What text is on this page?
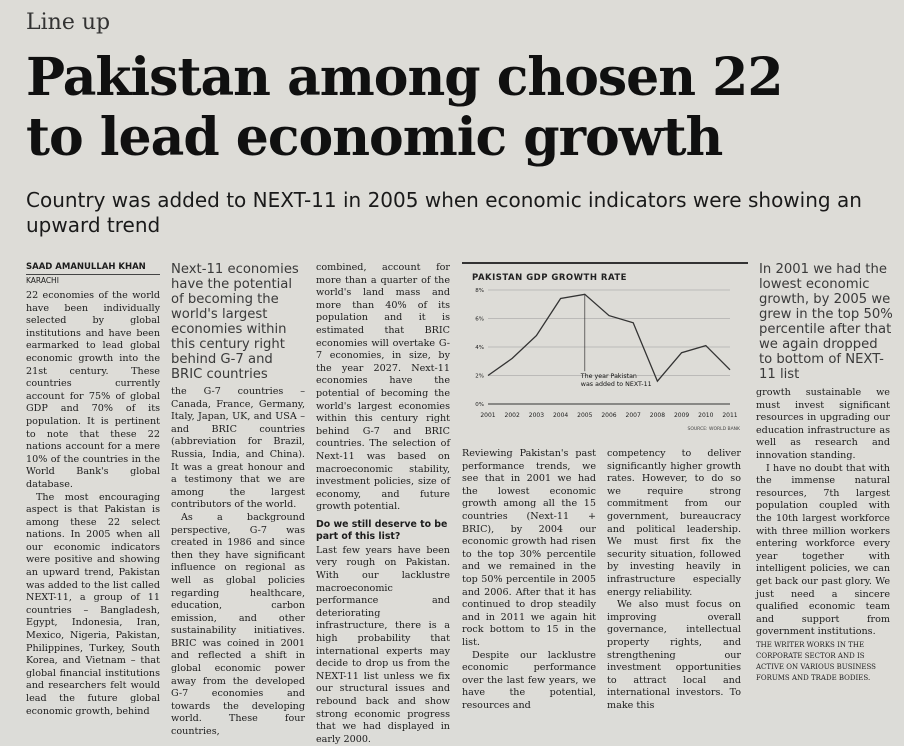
Line up
Pakistan among chosen 22
to lead economic growth
Country was added to NEXT-11 in 2005 when economic indicators were showing an upward trend
SAAD AMANULLAH KHAN
KARACHI

22 economies of the world have been individually selected by global institutions and have been earmarked to lead global economic growth into the 21st century. These countries currently account for 75% of global GDP and 70% of its population. It is pertinent to note that these 22 nations account for a mere 10% of the countries in the World Bank's global database.

The most encouraging aspect is that Pakistan is among these 22 select nations. In 2005 when all our economic indicators were positive and showing an upward trend, Pakistan was added to the list called NEXT-11, a group of 11 countries – Bangladesh, Egypt, Indonesia, Iran, Mexico, Nigeria, Pakistan, Philippines, Turkey, South Korea, and Vietnam – that global financial institutions and researchers felt would lead the future global economic growth, behind

Next-11 economies have the potential of becoming the world's largest economies within this century right behind G-7 and BRIC countries

the G-7 countries – Canada, France, Germany, Italy, Japan, UK, and USA – and BRIC countries (abbreviation for Brazil, Russia, India, and China). It was a great honour and a testimony that we are among the largest contributors of the world.

As a background perspective, G-7 was created in 1986 and since then they have significant influence on regional as well as global policies regarding healthcare, education, carbon emission, and other sustainability initiatives. BRIC was coined in 2001 and reflected a shift in global economic power away from the developed G-7 economies and towards the developing world. These four countries,

combined, account for more than a quarter of the world's land mass and more than 40% of its population and it is estimated that BRIC economies will overtake G-7 economies, in size, by the year 2027. Next-11 economies have the potential of becoming the world's largest economies within this century right behind G-7 and BRIC countries. The selection of Next-11 was based on macroeconomic stability, investment policies, size of economy, and future growth potential.

Do we still deserve to be part of this list?

Last few years have been very rough on Pakistan. With our lacklustre macroeconomic performance and deteriorating infrastructure, there is a high probability that international experts may decide to drop us from the NEXT-11 list unless we fix our structural issues and rebound back and show strong economic progress that we had displayed in early 2000.

PAKISTAN GDP GROWTH RATE
0%
2%
4%
6%
8%
2001 2002 2003 2004 2005 2006 2007 2008 2009 2010 2011
The year Pakistan was added to NEXT-11
SOURCE: WORLD BANK

Reviewing Pakistan's past performance trends, we see that in 2001 we had the lowest economic growth among all the 15 countries (Next-11 + BRIC), by 2004 our economic growth had risen to the top 30% percentile and we remained in the top 50% percentile in 2005 and 2006. After that it has continued to drop steadily and in 2011 we again hit rock bottom to 15 in the list.

Despite our lacklustre economic performance over the last few years, we have the potential, resources and

competency to deliver significantly higher growth rates. However, to do so we require strong commitment from our government, bureaucracy and political leadership. We must first fix the security situation, followed by investing heavily in infrastructure especially energy reliability.

We also must focus on improving overall governance, intellectual property rights, and strengthening our investment opportunities to attract local and international investors. To make this

In 2001 we had the lowest economic growth, by 2005 we grew in the top 50% percentile after that we again dropped to bottom of NEXT-11 list

growth sustainable we must invest significant resources in upgrading our education infrastructure as well as research and innovation standing.

I have no doubt that with the immense natural resources, 7th largest population coupled with the 10th largest workforce with three million workers entering workforce every year together with intelligent policies, we can get back our past glory. We just need a sincere qualified economic team and support from government institutions.

THE WRITER WORKS IN THE CORPORATE SECTOR AND IS ACTIVE ON VARIOUS BUSINESS FORUMS AND TRADE BODIES.
